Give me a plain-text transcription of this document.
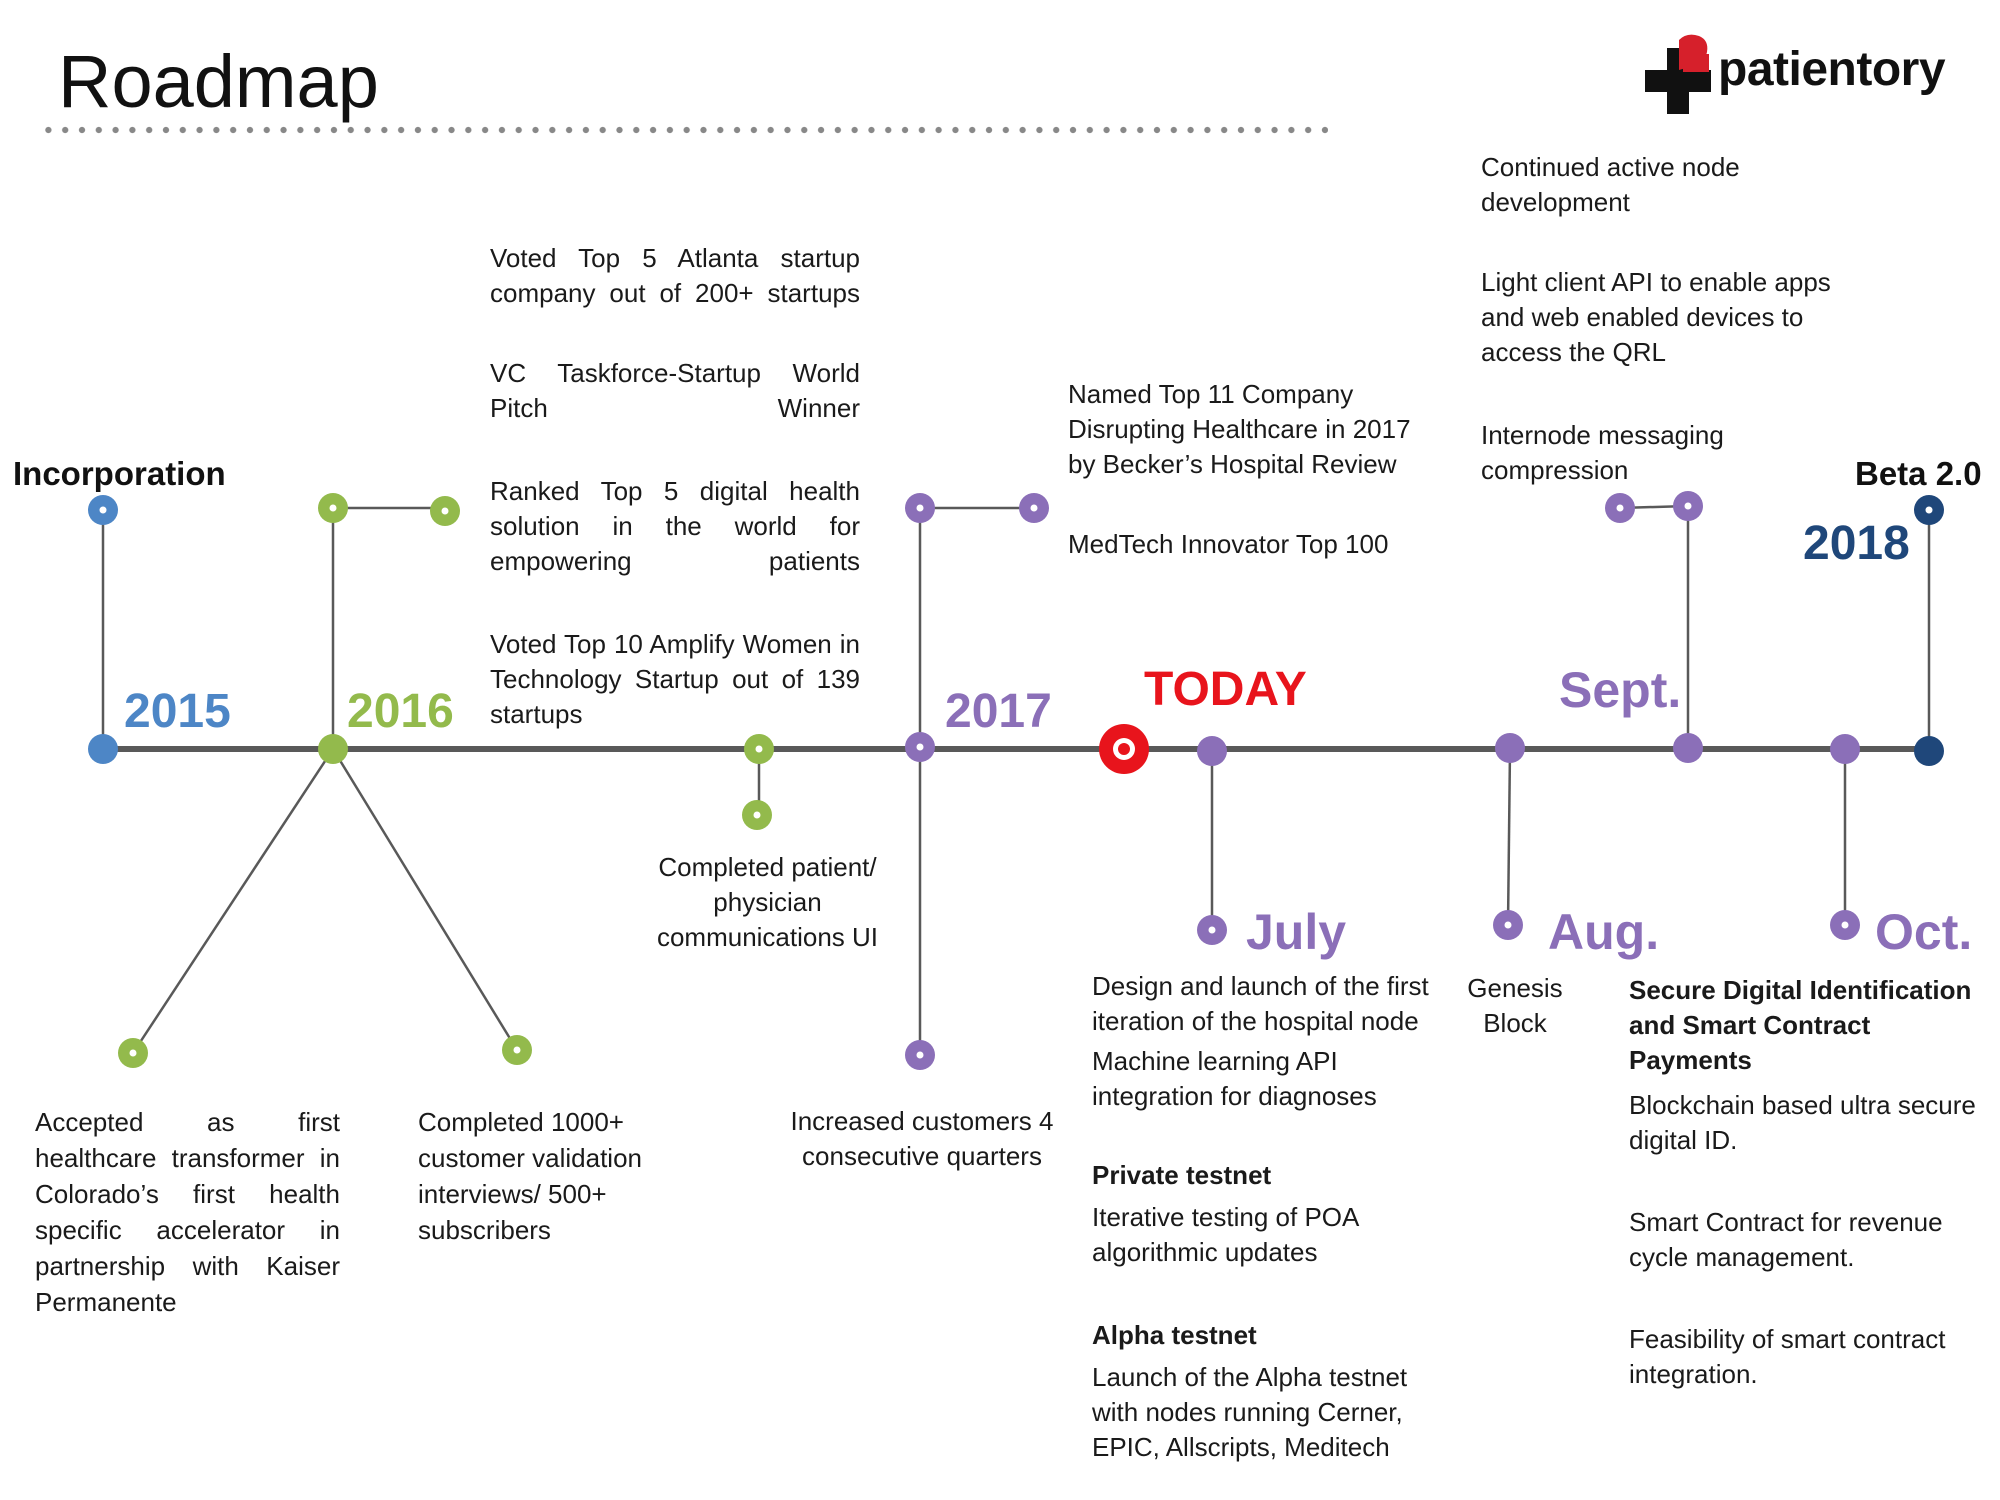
Roadmap	patientory
Incorporation
2015 2016	2017 TODAY	Sept.
July	Aug.	Oct.
Beta 2.0
2018
Voted Top 5 Atlanta startup company out of 200+ startups
VC Taskforce-Startup World Pitch Winner
Ranked Top 5 digital health solution in the world for empowering patients
Voted Top 10 Amplify Women in Technology Startup out of 139 startups
Accepted as first healthcare transformer in Colorado’s first health specific accelerator in partnership with Kaiser Permanente
Completed 1000+ customer validation interviews/ 500+ subscribers
Completed patient/ physician communications UI
Increased customers 4 consecutive quarters
Named Top 11 Company Disrupting Healthcare in 2017 by Becker’s Hospital Review
MedTech Innovator Top 100
Continued active node development
Light client API to enable apps and web enabled devices to access the QRL
Internode messaging compression
Design and launch of the first iteration of the hospital node
Machine learning API integration for diagnoses
Private testnet
Iterative testing of POA algorithmic updates
Alpha testnet
Launch of the Alpha testnet with nodes running Cerner, EPIC, Allscripts, Meditech
Genesis Block
Secure Digital Identification and Smart Contract Payments
Blockchain based ultra secure digital ID.
Smart Contract for revenue cycle management.
Feasibility of smart contract integration.
